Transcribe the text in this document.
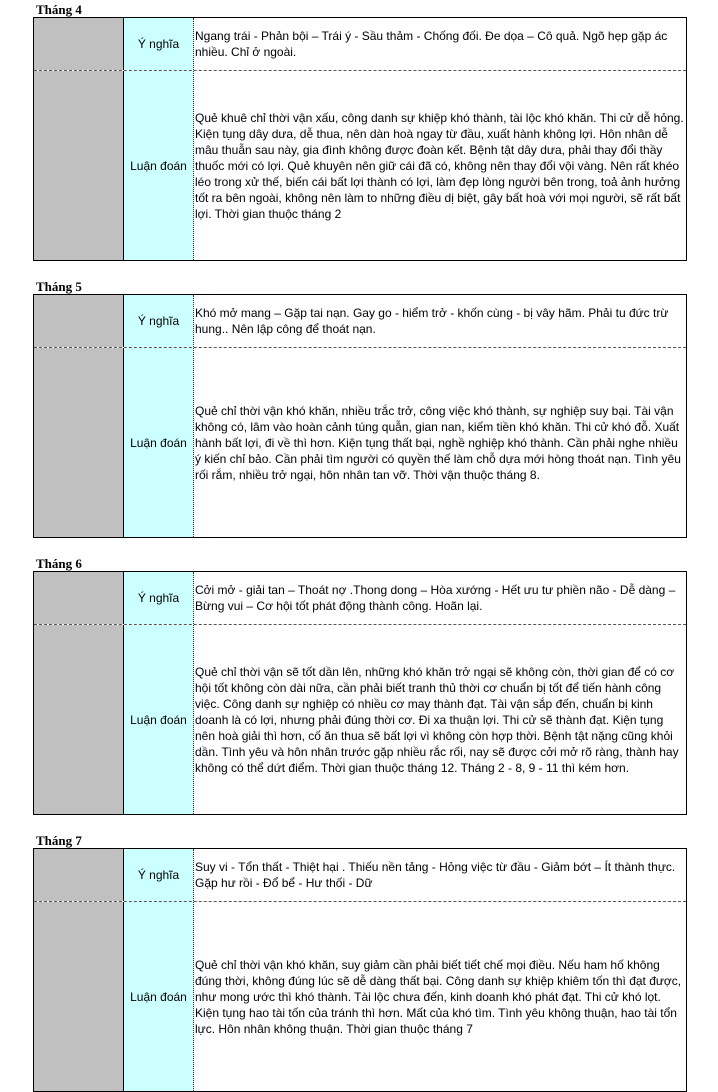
Tháng 4
Ý nghĩa
Ngang trái - Phản bội – Trái ý - Sầu thảm - Chống đối. Đe dọa – Cô quả. Ngõ hẹp gặp ác nhiều. Chỉ ở ngoài.
Luận đoán
Quẻ khuê chỉ thời vận xấu, công danh sự khiệp khó thành, tài lộc khó khăn. Thi cử dễ hỏng. Kiện tụng dây dưa, dễ thua, nên dàn hoà ngay từ đầu, xuất hành không lợi. Hôn nhân dễ mâu thuẫn sau này, gia đình không được đoàn kết. Bệnh tật dây dưa, phải thay đổi thầy thuốc mới có lợi. Quẻ khuyên nên giữ cái đã có, không nên thay đổi vội vàng. Nên rất khéo léo trong xử thế, biến cái bất lợi thành có lợi, làm đẹp lòng người bên trong, toả ảnh hưởng tốt ra bên ngoài, không nên làm to những điều dị biệt, gây bất hoà với mọi người, sẽ rất bất lợi. Thời gian thuộc tháng 2
Tháng 5
Ý nghĩa
Khó mở mang – Gặp tai nạn. Gay go - hiểm trở - khốn cùng - bị vây hãm. Phải tu đức trừ hung.. Nên lập công để thoát nạn.
Luận đoán
Quẻ chỉ thời vận khó khăn, nhiều trắc trở, công việc khó thành, sự nghiệp suy bại. Tài vận không có, lâm vào hoàn cảnh túng quẫn, gian nan, kiếm tiền khó khăn. Thi cử khó đỗ. Xuất hành bất lợi, đi về thì hơn. Kiện tụng thất bại, nghề nghiệp khó thành. Cần phải nghe nhiều ý kiến chỉ bảo. Cần phải tìm người có quyền thế làm chỗ dựa mới hòng thoát nạn. Tình yêu rối rắm, nhiều trở ngại, hôn nhân tan vỡ. Thời vận thuộc tháng 8.
Tháng 6
Ý nghĩa
Cởi mở - giải tan – Thoát nợ .Thong dong – Hòa xướng - Hết ưu tư phiền não - Dễ dàng – Bừng vui – Cơ hội tốt phát động thành công. Hoãn lại.
Luận đoán
Quẻ chỉ thời vận sẽ tốt dần lên, những khó khăn trở ngại sẽ không còn, thời gian để có cơ hội tốt không còn dài nữa, cần phải biết tranh thủ thời cơ chuẩn bị tốt để tiến hành công việc. Công danh sự nghiệp có nhiều cơ may thành đạt. Tài vận sắp đến, chuẩn bị kinh doanh là có lợi, nhưng phải đúng thời cơ. Đi xa thuận lợi. Thi cử sẽ thành đạt. Kiện tụng nên hoà giải thì hơn, cố ăn thua sẽ bất lợi vì không còn hợp thời. Bệnh tật nặng cũng khỏi dần. Tình yêu và hôn nhân trước gặp nhiều rắc rối, nay sẽ được cởi mở rõ ràng, thành hay không có thể dứt điểm. Thời gian thuộc tháng 12. Tháng 2 - 8, 9 - 11 thì kém hơn.
Tháng 7
Ý nghĩa
Suy vi - Tổn thất - Thiệt hại . Thiếu nền tảng - Hỏng việc từ đầu - Giảm bớt – Ít thành thực. Gặp hư rồi - Đổ bể - Hư thối - Dữ
Luận đoán
Quẻ chỉ thời vận khó khăn, suy giảm cần phải biết tiết chế mọi điều. Nếu ham hố không đúng thời, không đúng lúc sẽ dễ dàng thất bại. Công danh sự khiệp khiêm tốn thì đạt được, như mong ước thì khó thành. Tài lộc chưa đến, kinh doanh khó phát đạt. Thi cử khó lọt. Kiện tụng hao tài tốn của tránh thì hơn. Mất của khó tìm. Tình yêu không thuận, hao tài tổn lực. Hôn nhân không thuận. Thời gian thuộc tháng 7
